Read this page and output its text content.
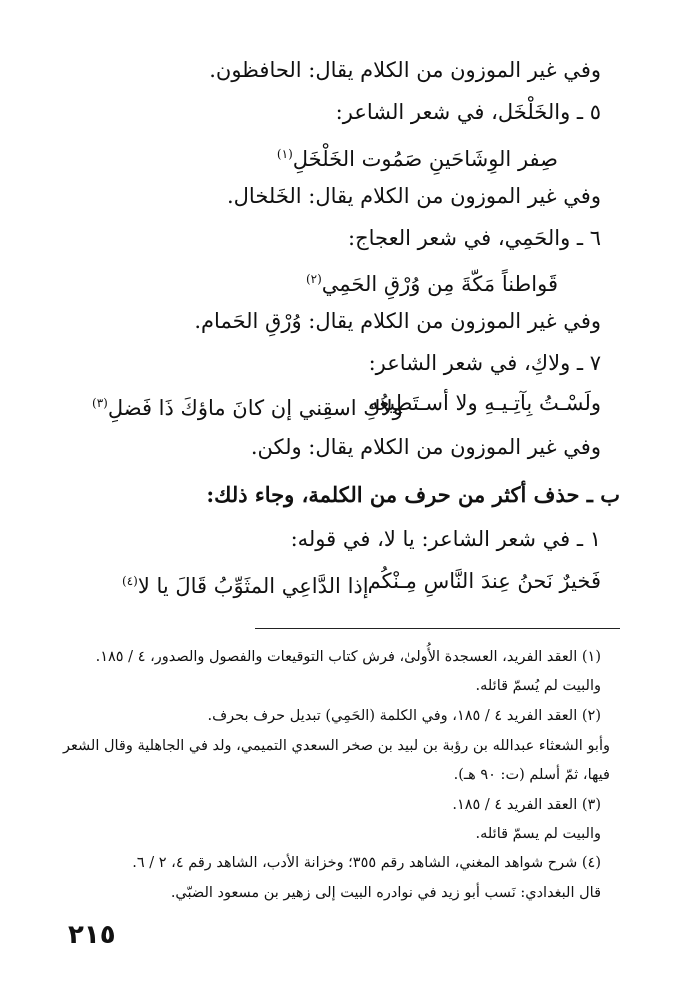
وفي غير الموزون من الكلام يقال: الحافظون.
٥ ـ والخَلْخَل، في شعر الشاعر:
صِفر الوِشَاحَينِ صَمُوت الخَلْخَلِ$^{(١)}$
وفي غير الموزون من الكلام يقال: الخَلخال.
٦ ـ والحَمِي، في شعر العجاج:
قَواطناً مَكّةَ مِن وُرْقِ الحَمِي$^{(٢)}$
وفي غير الموزون من الكلام يقال: وُرْقِ الحَمام.
٧ ـ ولاكِ، في شعر الشاعر:
ولَسْـتُ بِآتِـيـهِ ولا أسـتَطِيعُه
ولاكِ اسقِني إن كانَ ماؤكَ ذَا فَضلِ$^{(٣)}$
وفي غير الموزون من الكلام يقال: ولكن.
ب ـ حذف أكثر من حرف من الكلمة، وجاء ذلك:
١ ـ في شعر الشاعر: يا لا، في قوله:
فَخيرٌ نَحنُ عِندَ النَّاسِ مِـنْكُم
إذا الدَّاعِي المثَوِّبُ قَالَ يا لا$^{(٤)}$
(١) العقد الفريد، العسجدة الأُولىٰ، فرش كتاب التوقيعات والفصول والصدور، ٤ / ١٨٥.
والبيت لم يُسمّ قائله.
(٢) العقد الفريد ٤ / ١٨٥، وفي الكلمة (الحَمِي) تبديل حرف بحرف.
وأبو الشعثاء عبدالله بن رؤبة بن لبيد بن صخر السعدي التميمي، ولد في الجاهلية وقال الشعر
فيها، ثمّ أسلم (ت: ٩٠ هـ).
(٣) العقد الفريد ٤ / ١٨٥.
والبيت لم يسمّ قائله.
(٤) شرح شواهد المغني، الشاهد رقم ٣٥٥؛ وخزانة الأدب، الشاهد رقم ٤، ٢ / ٦.
قال البغدادي: نَسب أبو زيد في نوادره البيت إلى زهير بن مسعود الضبّي.
٢١٥
